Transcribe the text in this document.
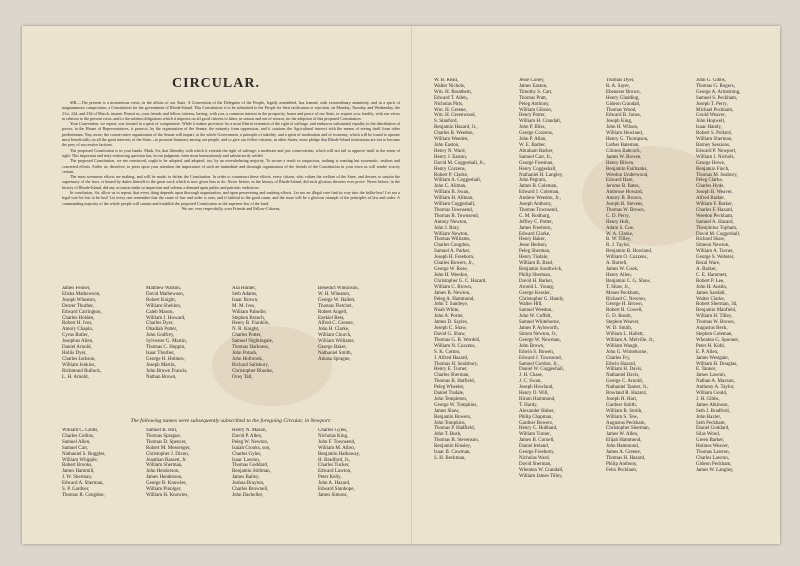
CIRCULAR.

SIR.—The present is a momentous crisis, in the affairs of our State. A Convention of the Delegates of the People, legally assembled, has framed, with extraordinary unanimity, and in a spirit of magnanimous compromise, a Constitution for the government of Rhode-Island. This Constitution is to be submitted to the People for their ratification or rejection, on Monday, Tuesday, and Wednesday, the 21st, 22d, and 23d of March, instant. Permit us, your friends and fellow-citizens, having, with you, a common interest in the prosperity, honor and peace of our State, to request you, frankly, with our views in relation to the present crisis, and to the solemn obligations which it imposes on all good citizens to labor, in season and out of season, for the adoption of this proposed Constitution.

Your Convention, we repeat, was formed in a spirit of compromise. While it makes provision for a most liberal extension of the right of suffrage, and embraces substantial equality in the distribution of power, in the House of Representatives, it protects, by the organization of the Senate, the minority from oppression, and it cautions the Agricultural interest with the means of seeing itself from other predominant. Nay, more; the conservative organization of the Senate will impart, to the whole Government, a principle of stability, and a spirit of moderation and of economy, which will be found to operate most beneficially on all the great interests of the State—to promote harmony among our people, and to give our fellow-citizens, in other States, more pledge that Rhode-Island institutions are not to become the prey of successive factions.

The proposed Constitution is in your hands. Mark, Sir, that liberality with which it extends the right of suffrage; a moderate and just conservatism, which will not fail to approve itself to the sense of right. This important and truly embracing question has, in our judgment, been most harmoniously and satisfactorily settled.

The proposed Constitution, we are convinced, ought to be adopted, and adopted, too, by an overwhelming majority. To secure a result so auspicious, nothing is wanting but systematic, zealous and concerted efforts. Suffer us, therefore, to press upon your attention the importance of such an immediate and thorough organization of the friends of the Constitution in your town as will render victory certain.

The most strenuous efforts are making, and will be made, to defeat the Constitution. In order to counteract these efforts, every citizen, who values the welfare of the State, and desires to sustain the supremacy of the laws, is bound by duties himself to the great work which is now given him to do. Never before, in the history of Rhode-Island, did such glorious theories ever prove. Never before, in the history of Rhode-Island, did any occasion make so imperious and solemn a demand upon public and patriotic endeavors.

In conclusion, Sir, allow us to repeat, that every thing depends upon thorough organization, and upon persevering and untiring efforts. Let not an illegal vote find its way into the ballot-box! Let not a legal vote be lost to be lost! Let every one remember that the cause of law and order is ours, and if faithful to the good cause, and the issue will be a glorious triumph of the principles of law and order. A commanding majority of the whole people will sustain and establish the proposed Constitution as the supreme law of the land.

We are, very respectfully, your Friends and Fellow-Citizens,

James Fenner,
Elisha Mathewson,
Joseph Wheaton,
Dexter Thurber,
Edward Carrington,
Charles Holden,
Robert H. Ives,
Amory Chapin,
Cyrus Butler,
Josephus Allen,
Daniel Arnold,
Hollis Dyer,
Charles Jackson,
William Jenkins,
Richmond Bullock,
L. H. Arnold,
Matthew Watson,
David Mathewson,
Robert Knight,
William Sheldon,
Caleb Mason,
William J. Howard,
Charles Dyer,
Obadiah Potter,
John Godfrey,
Sylvester G. Martin,
Thomas C. Hoppin,
Isaac Thurber,
George H. Holmes,
Joseph Martin,
John Brown Francis,
Nathan Brown,
Asa Hunter,
Seth Adams,
Isaac Brown,
M. M. Ives,
William Pabodie,
Stephen Branch,
Henry B. Franklin,
N. R. Knight,
Charles Potter,
Samuel Nightingale,
Thomas Harkness,
John Potash,
John Holbrook,
Richard Salisbury,
Christopher Rhodes,
Ocey Tall,
Benedict Wilkinson,
W. H. Wheaton,
George W. Hallett,
Thomas Fletcher,
Robert Angell,
Ezekiel Best,
Alfred C. Greene,
John H. Clarke,
William Church,
William Williams,
George Baker,
Nathaniel Smith,
Amasa Sprague,
The following names were subsequently subscribed to the foregoing Circular, in Newport:
William C. Gibbs,
Charles Collins,
Samuel Allen,
Samuel Carr,
Nathaniel S. Ruggles,
William Whipple,
Robert Brooks,
James Hammill,
J. W. Sherman,
Edward A. Sherman,
S. P. Gardner,
Thomas R. Congdon,
Samuel B. Hill,
Thomas Sprague,
Thomas D. Spencer,
Robert M. Messenger,
Christopher J. Dixon,
Jonathan Bassett, Jr.
William Sherman,
John Henderson,
James Henderson,
George B. Knowles,
William Pinniger,
William H. Knowles,
Henry N. Mason,
David P. Allen,
Peleg W. Newton,
Isaiah Crooks, son,
Charles Gyles,
Isaac Lawton,
Thomas Goddard,
Benjamin Stillman,
James Bailey,
Joshua Brayton,
Charles Brownell,
John Dacheller,
Charles Gyles,
Nicholas King,
John F. Townsend,
William M. Albro,
Benjamin Hathaway,
H. Bradford, Jr.,
Charles Tucker,
Edward Lawton,
Peter Kelly,
John A. Hazard,
Edward Stanhope,
James Simons,
W. B. Read,
Walter Nichols,
Wm. H. Breathem,
Edward T. Allen,
Nicholas Pitts,
Wm. H. Greene,
Wm. H. Greenwood,
S. Stanford,
Benjamin Hazard, Jr.,
Charles B. Weedon,
William Weeden,
John Easton,
Henry N. Ward,
Henry J. Easton,
David M. Coggeshall, Jr.,
Henry Cozzens,
Robert P. Clarke,
William A. Coggeshall,
John C. Allman,
William B. Swan,
William H. Allman,
William Coggeshall,
Thomas Townsend,
Thomas B. Townsend,
Antony Newton,
John J. Bray,
William Newton,
Thomas Williams,
Charles Congdon,
Samuel A. Parker,
Joseph H. Freeborn,
Charles Bowers, Jr.,
George W. Rose,
John H. Weedon,
Christopher G. C. Hazard,
William C. Brown,
James B. Newton,
Peleg A. Hammond,
John T. Sandeye,
Noah White,
John A. Porter,
James D. Sayles,
Joseph C. Shaw,
David G. Shaw,
Thomas G. B. Wordell,
William N. Cozzens,
S. K. Cotton,
J. Alfred Hazard,
Thomas H. Sealsbury,
Henry E. Turner,
Charles Sherman,
Thomas B. Hatfield,
Peleg Wheeler,
Daniel Tisdale,
John Templeton,
George W. Tompkins,
James Shaw,
Benjamin Bowers,
John Tompkins,
Thomas P. Hadfield,
John T. Bush,
Thomas B. Stevenson,
Benjamin Kinsley,
Isaac B. Cowman,
S. H. Beckman,
Jesse Coney,
James Easton,
Timothy S. Carr,
Thomas Pratt,
Peleg Anthony,
William Gibson,
Henry Potter,
William H. Crandall,
John P. Bliss,
George Cozzens,
John P. Allan,
W. E. Barber,
Abraham Barker,
Samuel Carr, Jr.,
George Freeman,
Henry Coggeshall,
Nathaniel H. Langley,
John Pegram,
James B. Coleman,
Edward J. Coleman,
Andrew Weedon, Jr.,
Joseph Anthony,
Thomas Townsend,
C. M. Rodhurg,
Jeffrey C. Potter,
James Freeborn,
Edward Clarke,
Henry Baker,
Jesse Hedson,
Peleg Sherman,
Henry Tisdale,
William B. Brad,
Benjamin Southwick,
Philip Sherman,
David H. Barker,
Arnold L. Young,
George Kessler,
Christopher G. Handy,
Walter Hill,
Samuel Weedon,
John W. Coffell,
Samuel Whitehorne,
James P. Aylsworth,
Simon Newton, Jr.,
George W. Newman,
John Brown,
Edwin S. Bowen,
Edward J. Townsend,
Samuel Gordon, Jr.,
Daniel W. Coggeshall,
J. H. Chase,
J. C. Swan,
Joseph Howland,
Henry O. Will,
Hiram Hammond,
T. Hardy,
Alexander Huber,
Philip Chapman,
Gardner Bowers,
Henry C. Hubbard,
William Turner,
James B. Cornell,
Daniel Ireland,
George Freeborn,
Nicholas Ward,
David Sherman,
Wheaton W. Crandall,
William James Tilley,
Thomas Dyer,
R. A. Sayer,
Ebenezer Brown,
Henry Gladding,
Gideon Crandall,
Thomas Wood,
Edward B. Jones,
Joseph King,
John H. Wilson,
William Howland,
Henry G. Thompson,
Luther Bateman,
Clinton Babcock,
James W. Bowen,
Henry Bliven,
Benjamin Fairbanks,
Weedon Underwood,
Edward Hare,
Jerome B. Bates,
Ambrose Howard,
Amory B. Brown,
Joseph B. Stevens,
Thomas W. Brown,
C. D. Perry,
Henry Holt,
Adam S. Coe,
W. A. Clarke,
B. W. Tilley,
R. J. Taylor,
Benjamin B. Howland,
William O. Cozzens,
A. Burrell,
James W. Cook,
Henry Allen,
Benjamin C. G. Shaw,
T. Shaw, Jr.,
Moses Peckham,
Richard C. Newton,
George H. Brown,
Robert H. Cowell,
G. D. Booth,
Stephen Weaver,
W. D. Smith,
William L. Hallett,
William A. Melville, Jr.,
William Waugh,
John G. Whitehorne,
Charles Fry,
Edwin Hazard,
William H. Davis,
Nathaniel Davis,
George C. Arnold,
Nathaniel Tanner, Jr.,
Rowland R. Hazard,
Joseph H. Hart,
Gardner Smith,
William B. Smith,
William S. Tew,
Augustus Peckham,
Christopher Sherman,
James W. Allen,
Elijah Hammond,
John Hammond,
James A. Greene,
Thomas H. Hazard,
Philip Anthony,
Felix Peckham,
John G. Gibbs,
Thomas G. Rogers,
George A. Armstrong,
Samuel S. Peckham,
Joseph T. Perry,
Michael Peckham,
Gould Weaver,
John Hopwell,
Isaac Handy,
Robert S. Pollard,
William Sherman,
Barney Sessions,
Edward P. Newport,
William J. Nichols,
George Howe,
Benjamin Finch,
Thomas M. Seabury,
Peleg Clarke,
Charles Hyde,
Joseph B. Weaver,
Alfred Barker,
William F. Barker,
Charles F. Hazard,
Weedon Peckham,
Samuel A. Hazard,
Theophilus Topham,
David M. Coggeshall,
Richard Shaw,
Simeon Newton,
William A. Turner,
George S. Webster,
Bezal Ware,
A. Barker,
C. E. Hammett,
Robert P. Lee,
John H. Austin,
James Sandall,
Walter Clarke,
Robert Sherman, 3d,
Benjamin Manfield,
William H. Tilley,
Thomas W. Brown,
Augustus Beck,
Stephen Coleman,
Wheaton G. Spooner,
Peter H. Kidd,
E. P. Allen,
James Westgate,
William H. Douglas,
E. Tanner,
James Lawton,
Nathan A. Maxson,
Anthony A. Taylor,
William Gould,
J. H. Gibbs,
James Atkinson,
Seth J. Bradford,
John Baxter,
Seth Peckham,
Daniel Goddard,
Silas Wood,
Green Barker,
Holmes Weaver,
Thomas Lawton,
Charles Lawton,
Gideon Peckham,
James W. Langley,
